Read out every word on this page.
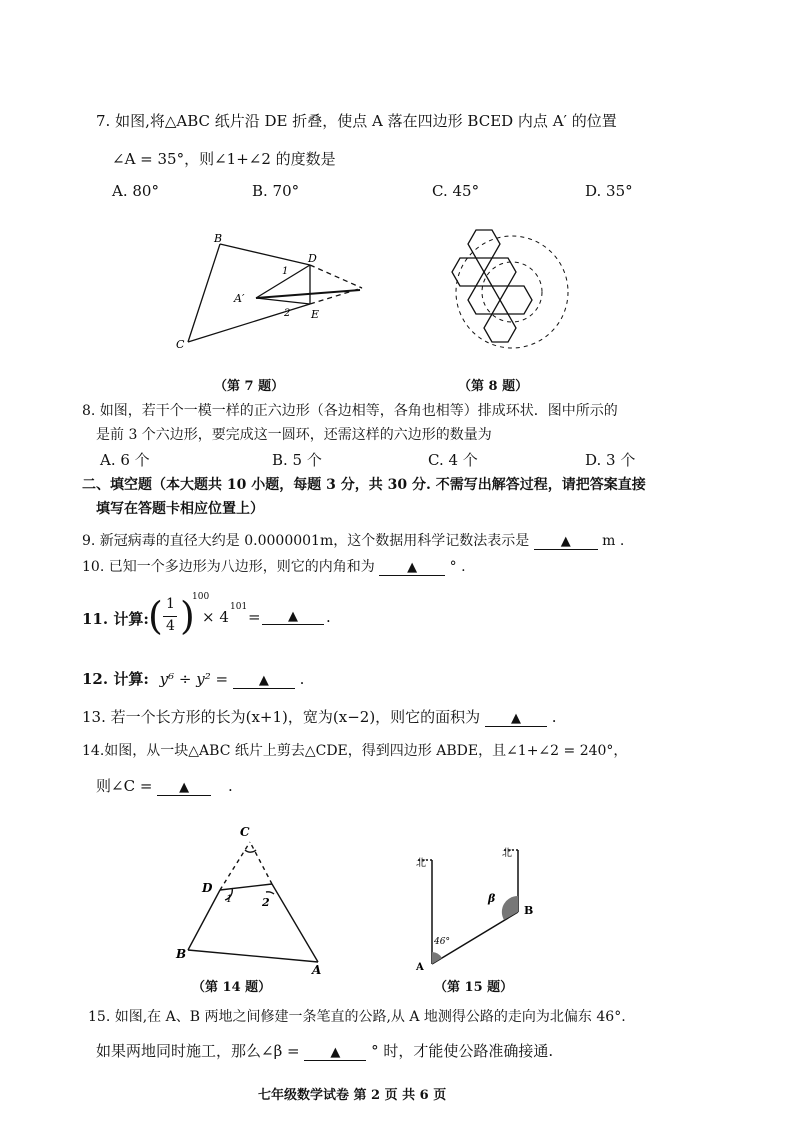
7. 如图,将△ABC 纸片沿 DE 折叠，使点 A 落在四边形 BCED 内点 A′ 的位置
∠A = 35°，则∠1+∠2 的度数是
A. 80°	B. 70°	C. 45°	D. 35°
B
C
D
E
A′
1
2
（第 7 题）	（第 8 题）
8. 如图，若干个一模一样的正六边形（各边相等，各角也相等）排成环状．图中所示的
是前 3 个六边形，要完成这一圆环，还需这样的六边形的数量为
A. 6 个	B. 5 个	C. 4 个	D. 3 个
二、填空题（本大题共 10 小题，每题 3 分，共 30 分. 不需写出解答过程，请把答案直接
填写在答题卡相应位置上）
9. 新冠病毒的直径大约是 0.0000001m，这个数据用科学记数法表示是 ▲ m .
10. 已知一个多边形为八边形，则它的内角和为 ▲ ° .
11. 计算: ( 1
4 )
100
× 4
101
=	▲	.
12. 计算: y⁶ ÷ y² = ▲ .
13. 若一个长方形的长为(x+1)，宽为(x−2)，则它的面积为 ▲ .
14.如图，从一块△ABC 纸片上剪去△CDE，得到四边形 ABDE，且∠1+∠2 = 240°，
则∠C = ▲	.
C
D
B
A
1	2
（第 14 题）
北
北
β
B
A
46°
（第 15 题）
15. 如图,在 A、B 两地之间修建一条笔直的公路,从 A 地测得公路的走向为北偏东 46°.
如果两地同时施工，那么∠β = ▲ ° 时，才能使公路准确接通.
七年级数学试卷 第 2 页 共 6 页
